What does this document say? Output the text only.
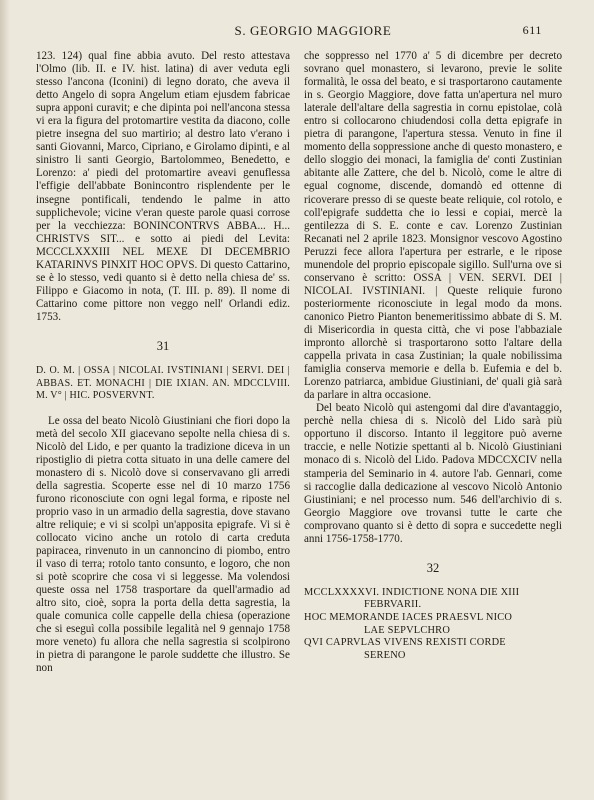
S. GEORGIO MAGGIORE	611

123. 124) qual fine abbia avuto. Del resto attestava l'Olmo (lib. II. e IV. hist. latina) di aver veduta egli stesso l'ancona (Iconini) di legno dorato, che aveva il detto Angelo di sopra Angelum etiam ejusdem fabricae supra apponi curavit; e che dipinta poi nell'ancona stessa vi era la figura del protomartire vestita da diacono, colle pietre insegna del suo martirio; al destro lato v'erano i santi Giovanni, Marco, Cipriano, e Girolamo dipinti, e al sinistro li santi Georgio, Bartolommeo, Benedetto, e Lorenzo: a' piedi del protomartire aveavi genuflessa l'effigie dell'abbate Bonincontro risplendente per le insegne pontificali, tendendo le palme in atto supplichevole; vicine v'eran queste parole quasi corrose per la vecchiezza: BONINCONTRVS ABBA... H... CHRISTVS SIT... e sotto ai piedi del Levita: MCCCLXXXIII NEL MEXE DI DECEMBRIO KATARINVS PINXIT HOC OPVS. Di questo Cattarino, se è lo stesso, vedi quanto si è detto nella chiesa de' ss. Filippo e Giacomo in nota, (T. III. p. 89). Il nome di Cattarino come pittore non veggo nell' Orlandi ediz. 1753.

31
D. O. M. | OSSA | NICOLAI. IVSTINIANI | SERVI. DEI | ABBAS. ET. MONACHI | DIE IXIAN. AN. MDCCLVIII. M. V° | HIC. POSVERVNT.

Le ossa del beato Nicolò Giustiniani che fiori dopo la metà del secolo XII giacevano sepolte nella chiesa di s. Nicolò del Lido, e per quanto la tradizione diceva in un ripostiglio di pietra cotta situato in una delle camere del monastero di s. Nicolò dove si conservavano gli arredi della sagrestia. Scoperte esse nel di 10 marzo 1756 furono riconosciute con ogni legal forma, e riposte nel proprio vaso in un armadio della sagrestia, dove stavano altre reliquie; e vi si scolpì un'apposita epigrafe. Vi si è collocato vicino anche un rotolo di carta creduta papiracea, rinvenuto in un cannoncino di piombo, entro il vaso di terra; rotolo tanto consunto, e logoro, che non si potè scoprire che cosa vi si leggesse. Ma volendosi queste ossa nel 1758 trasportare da quell'armadio ad altro sito, cioè, sopra la porta della detta sagrestia, la quale comunica colle cappelle della chiesa (operazione che si eseguì colla possibile legalità nel 9 gennajo 1758 more veneto) fu allora che nella sagrestia si scolpirono in pietra di parangone le parole suddette che illustro. Se non

che soppresso nel 1770 a' 5 di dicembre per decreto sovrano quel monastero, si levarono, previe le solite formalità, le ossa del beato, e si trasportarono cautamente in s. Georgio Maggiore, dove fatta un'apertura nel muro laterale dell'altare della sagrestia in cornu epistolae, colà entro si collocarono chiudendosi colla detta epigrafe in pietra di parangone, l'apertura stessa. Venuto in fine il momento della soppressione anche di questo monastero, e dello sloggio dei monaci, la famiglia de' conti Zustinian abitante alle Zattere, che del b. Nicolò, come le altre di egual cognome, discende, domandò ed ottenne di ricoverare presso di se queste beate reliquie, col rotolo, e coll'epigrafe suddetta che io lessi e copiai, mercè la gentilezza di S. E. conte e cav. Lorenzo Zustinian Recanati nel 2 aprile 1823. Monsignor vescovo Agostino Peruzzi fece allora l'apertura per estrarle, e le ripose munendole del proprio episcopale sigillo. Sull'urna ove si conservano è scritto: OSSA | VEN. SERVI. DEI | NICOLAI. IVSTINIANI. | Queste reliquie furono posteriormente riconosciute in legal modo da mons. canonico Pietro Pianton benemeritissimo abbate di S. M. di Misericordia in questa città, che vi pose l'abbaziale impronto allorchè si trasportarono sotto l'altare della cappella privata in casa Zustinian; la quale nobilissima famiglia conserva memorie e della b. Eufemia e del b. Lorenzo patriarca, ambidue Giustiniani, de' quali già sarà da parlare in altra occasione.

Del beato Nicolò qui astengomi dal dire d'avantaggio, perchè nella chiesa di s. Nicolò del Lido sarà più opportuno il discorso. Intanto il leggitore può averne traccie, e nelle Notizie spettanti al b. Nicolò Giustiniani monaco di s. Nicolò del Lido. Padova MDCCXCIV nella stamperia del Seminario in 4. autore l'ab. Gennari, come si raccoglie dalla dedicazione al vescovo Nicolò Antonio Giustiniani; e nel processo num. 546 dell'archivio di s. Georgio Maggiore ove trovansi tutte le carte che comprovano quanto si è detto di sopra e succedette negli anni 1756-1758-1770.

32
MCCLXXXXVI. INDICTIONE NONA DIE XIII
FEBRVARII.
HOC MEMORANDE IACES PRAESVL NICO
LAE SEPVLCHRO
QVI CAPRVLAS VIVENS REXISTI CORDE
SERENO
